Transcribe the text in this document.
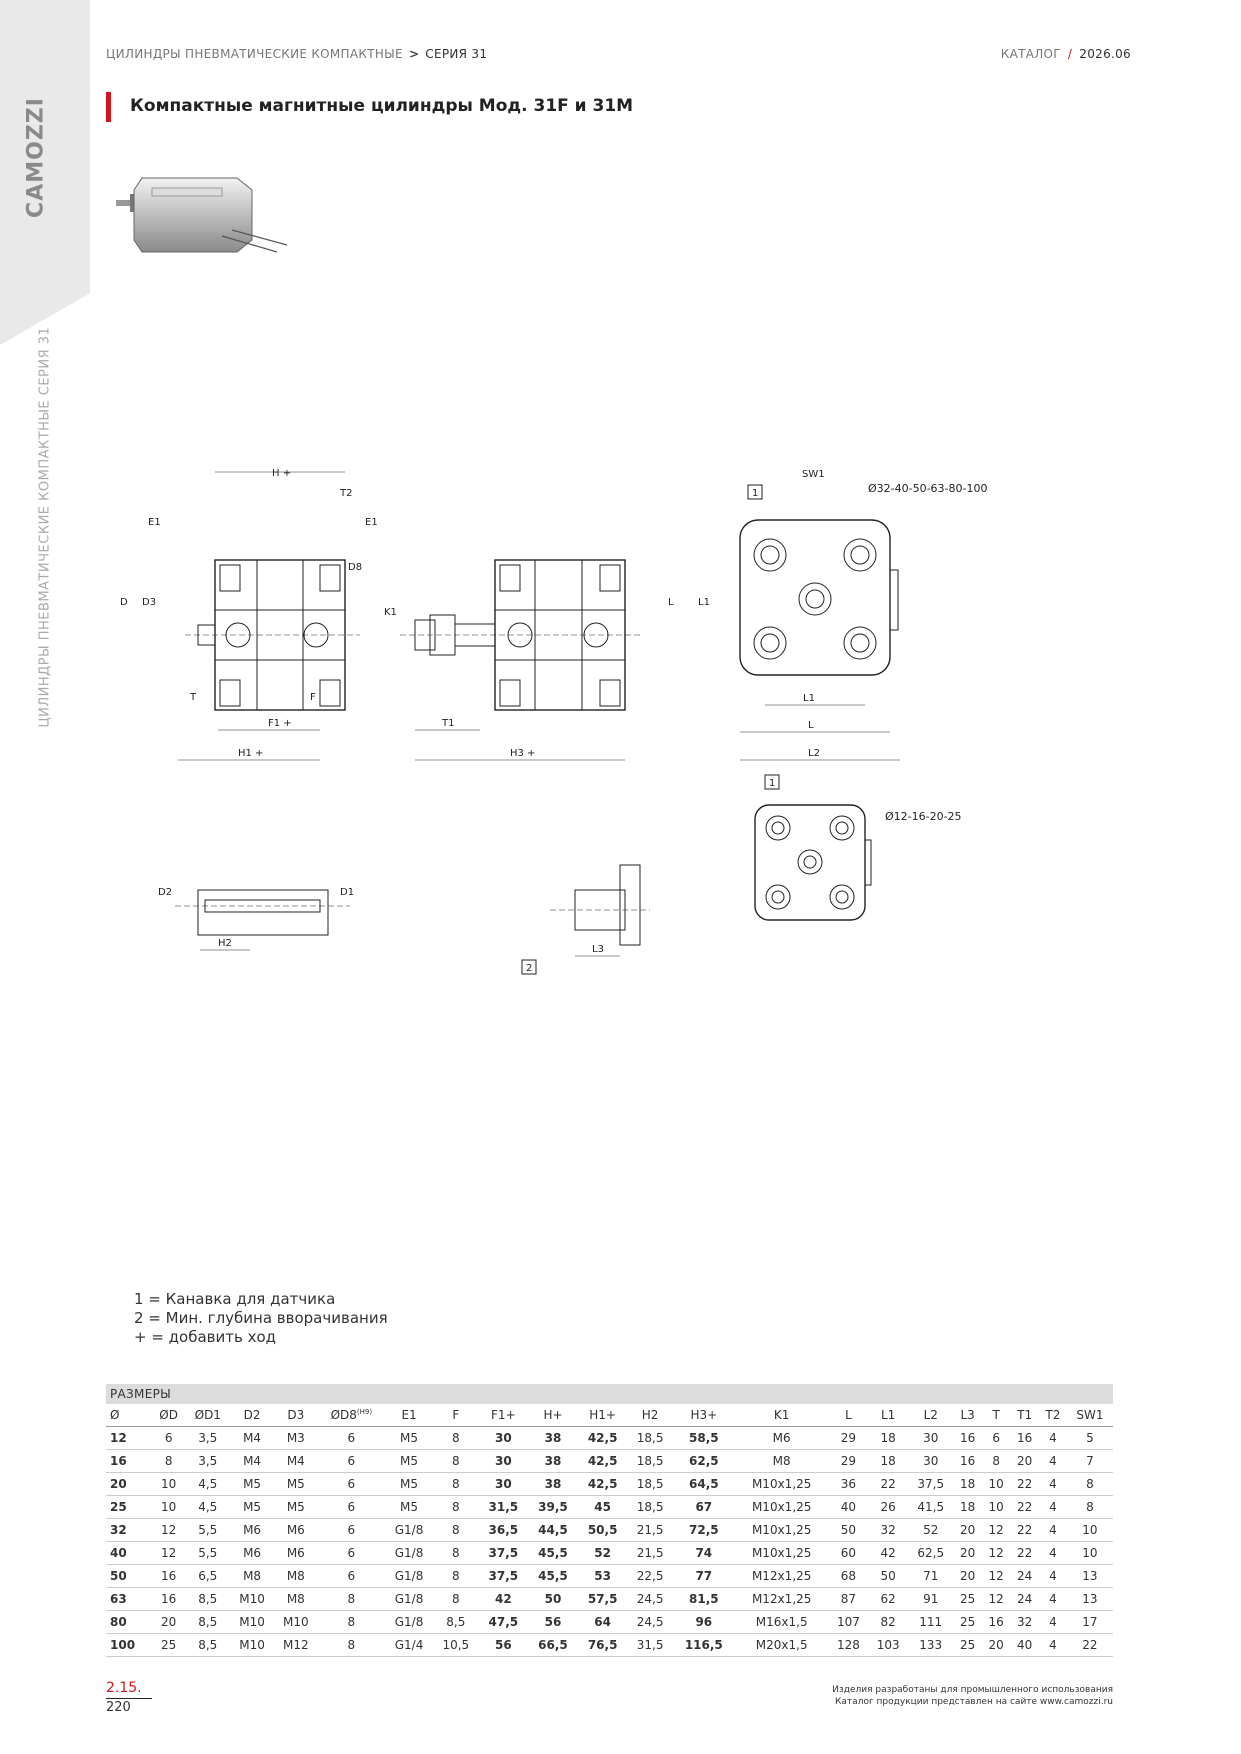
CAMOZZI
ЦИЛИНДРЫ ПНЕВМАТИЧЕСКИЕ КОМПАКТНЫЕ СЕРИЯ 31
ЦИЛИНДРЫ ПНЕВМАТИЧЕСКИЕ КОМПАКТНЫЕ > СЕРИЯ 31	КАТАЛОГ / 2026.06
Компактные магнитные цилиндры Мод. 31F и 31M
H +
E1	E1
T2
D D3
D8
T	F
F1 +
H1 +
K1
T1
H3 +
1
SW1
Ø32-40-50-63-80-100
L L1
L1
L
L2
1
Ø12-16-20-25
D2	D1
H2
2
L3
1 = Канавка для датчика
2 = Мин. глубина вворачивания
+ = добавить ход
РАЗМЕРЫ
Ø	ØD	ØD1	D2	D3	$ØD8^{(H9)}$	E1	F	F1+	H+	H1+	H2	H3+	K1	L	L1	L2	L3	T	T1	T2	SW1
12	6	3,5	M4	M3	6	M5	8	30	38	42,5	18,5	58,5	M6	29	18	30	16	6	16	4	5
16	8	3,5	M4	M4	6	M5	8	30	38	42,5	18,5	62,5	M8	29	18	30	16	8	20	4	7
20	10	4,5	M5	M5	6	M5	8	30	38	42,5	18,5	64,5	M10x1,25	36	22	37,5	18	10	22	4	8
25	10	4,5	M5	M5	6	M5	8	31,5	39,5	45	18,5	67	M10x1,25	40	26	41,5	18	10	22	4	8
32	12	5,5	M6	M6	6	G1/8	8	36,5	44,5	50,5	21,5	72,5	M10x1,25	50	32	52	20	12	22	4	10
40	12	5,5	M6	M6	6	G1/8	8	37,5	45,5	52	21,5	74	M10x1,25	60	42	62,5	20	12	22	4	10
50	16	6,5	M8	M8	6	G1/8	8	37,5	45,5	53	22,5	77	M12x1,25	68	50	71	20	12	24	4	13
63	16	8,5	M10	M8	8	G1/8	8	42	50	57,5	24,5	81,5	M12x1,25	87	62	91	25	12	24	4	13
80	20	8,5	M10	M10	8	G1/8	8,5	47,5	56	64	24,5	96	M16x1,5	107	82	111	25	16	32	4	17
100	25	8,5	M10	M12	8	G1/4	10,5	56	66,5	76,5	31,5	116,5	M20x1,5	128	103	133	25	20	40	4	22
2.15.
220
Изделия разработаны для промышленного использования
Каталог продукции представлен на сайте www.camozzi.ru
